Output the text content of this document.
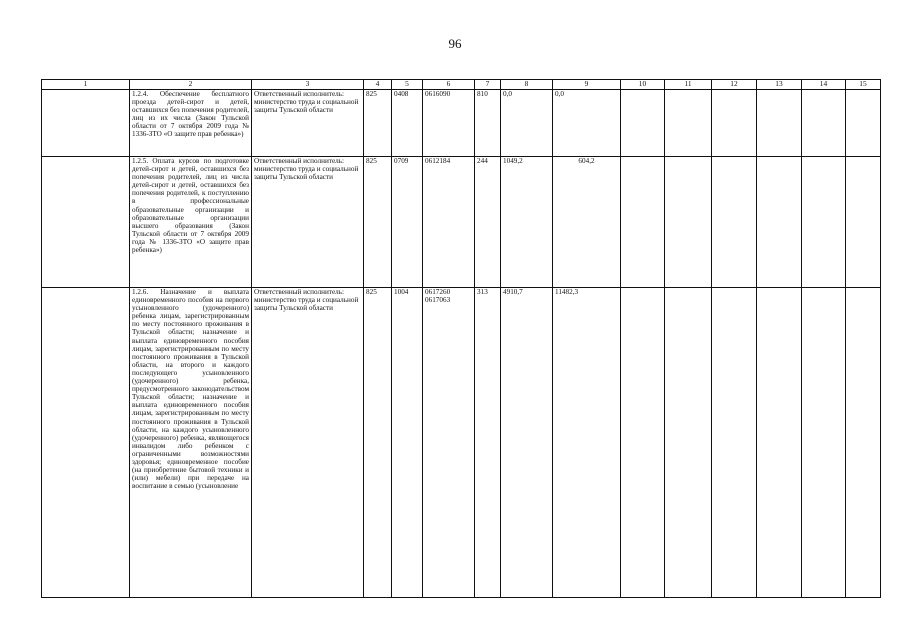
96
1	2	3	4	5	6	7	8	9	10	11	12	13	14	15
	1.2.4. Обеспечение бесплатного проезда детей-сирот и детей, оставшихся без попечения родителей, лиц из их числа (Закон Тульской области от 7 октября 2009 года № 1336-ЗТО «О защите прав ребенка»)	Ответственный исполнитель: министерство труда и социальной защиты Тульской области	825	0408	0616090	810	0,0	0,0						
	1.2.5. Оплата курсов по подготовке детей-сирот и детей, оставшихся без попечения родителей, лиц из числа детей-сирот и детей, оставшихся без попечения родителей, к поступлению в профессиональные образовательные организации и образовательные организации высшего образования (Закон Тульской области от 7 октября 2009 года № 1336-ЗТО «О защите прав ребенка»)	Ответственный исполнитель: министерство труда и социальной защиты Тульской области	825	0709	0612184	244	1049,2	604,2						
	1.2.6. Назначение и выплата единовременного пособия на первого усыновленного (удочеренного) ребенка лицам, зарегистрированным по месту постоянного проживания в Тульской области; назначение и выплата единовременного пособия лицам, зарегистрированным по месту постоянного проживания в Тульской области, на второго и каждого последующего усыновленного (удочеренного) ребенка, предусмотренного законодательством Тульской области; назначение и выплата единовременного пособия лицам, зарегистрированным по месту постоянного проживания в Тульской области, на каждого усыновленного (удочеренного) ребенка, являющегося инвалидом либо ребенком с ограниченными возможностями здоровья; единовременное пособие (на приобретение бытовой техники и (или) мебели) при передаче на воспитание в семью (усыновление	Ответственный исполнитель: министерство труда и социальной защиты Тульской области	825	1004	0617260 0617063	313	4910,7	11482,3						
